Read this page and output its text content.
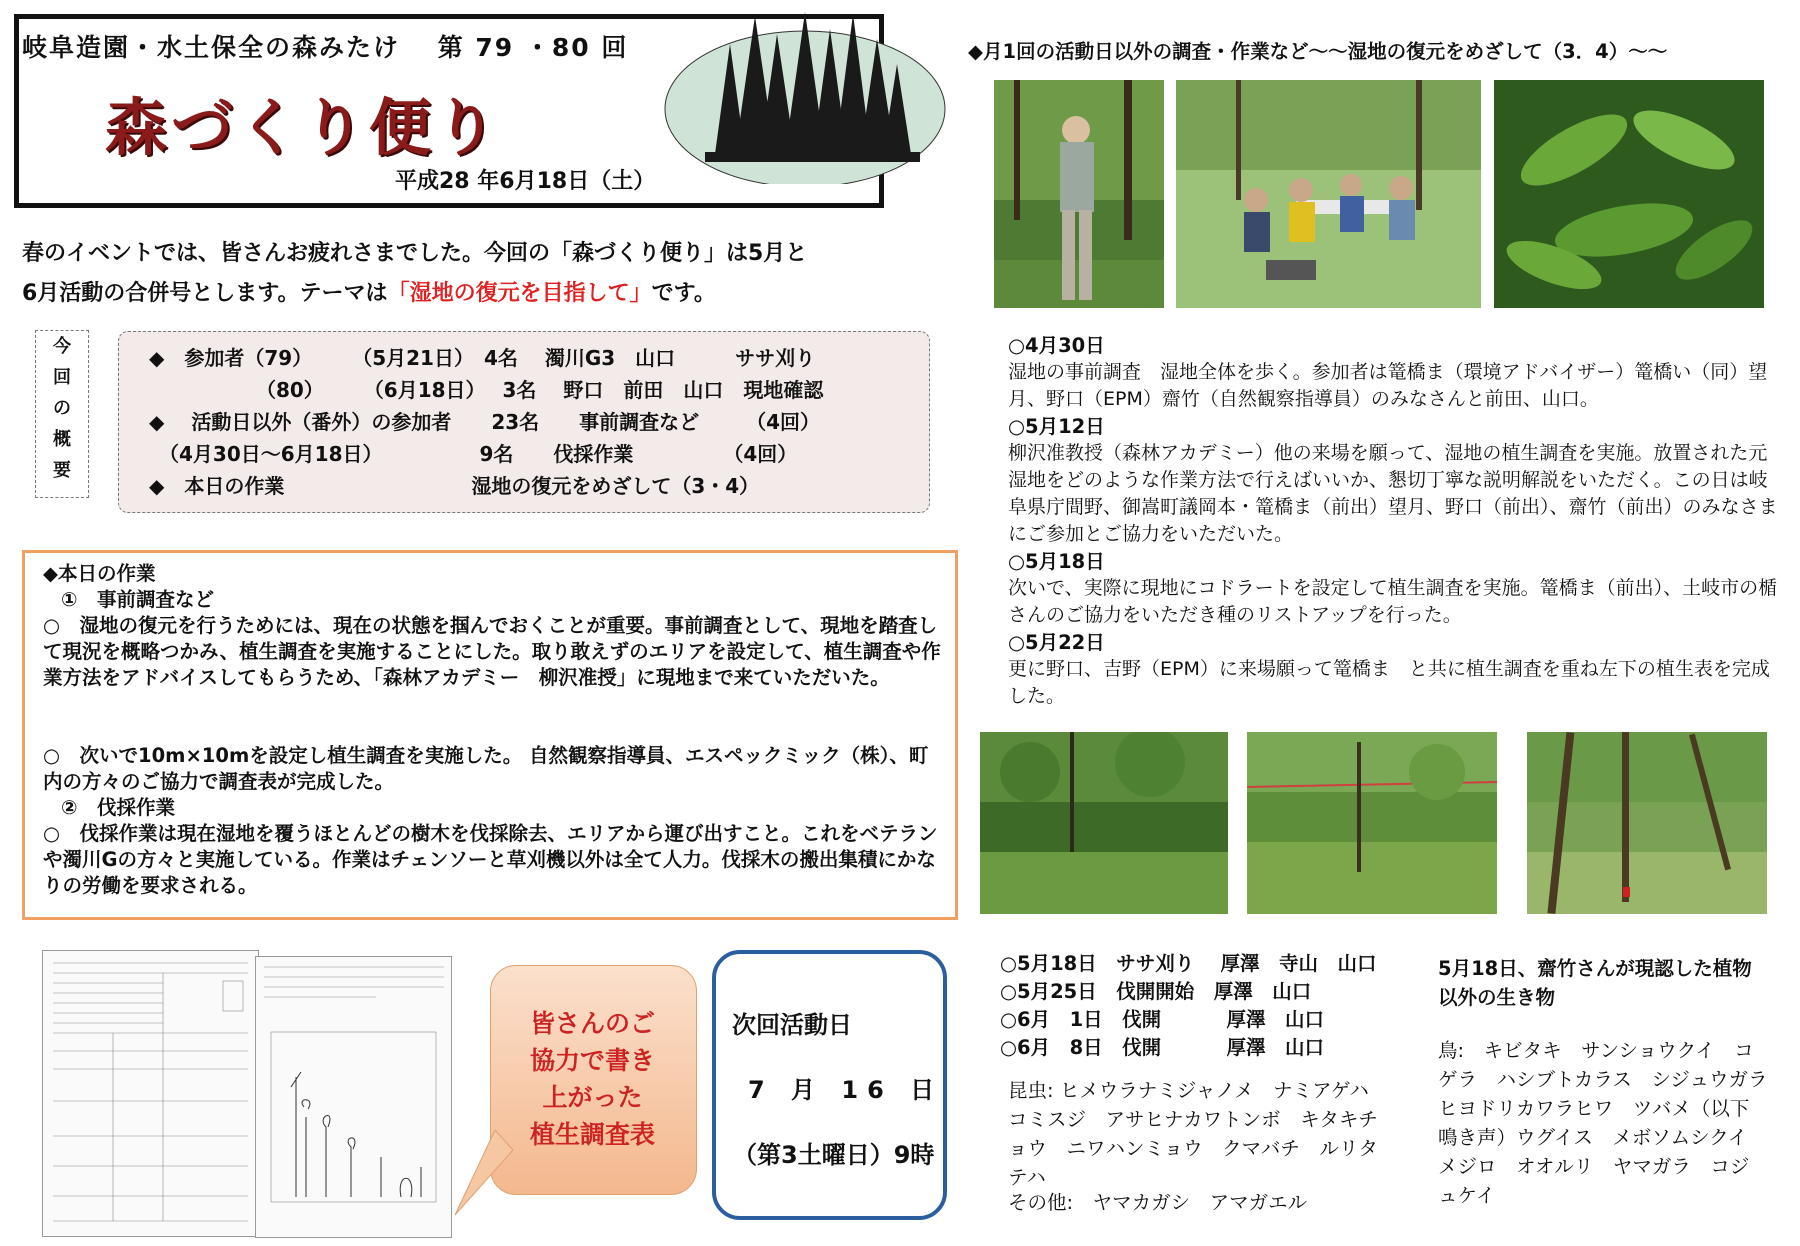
岐阜造園・水土保全の森みたけ　 第 79 ・80 回
森づくり便り
平成28 年6月18日（土）
春のイベントでは、皆さんお疲れさまでした。今回の「森づくり便り」は5月と
6月活動の合併号とします。テーマは「湿地の復元を目指して」です。
今
回
の
概
要
◆　参加者（79）　　　（5月21日）　4名　 濁川G3　山口　　　ササ刈り
　　　　　 （80）　　　（6月18日）　 3名　 野口　前田　山口　現地確認
◆　 活動日以外（番外）の参加者　　23名　　事前調査など　　 （4回）
　（4月30日～6月18日）　　　　　 9名　　伐採作業　　　　　（4回）
◆　本日の作業　　　　　　　　　 湿地の復元をめざして（3・4）
◆本日の作業
①　事前調査など
○　湿地の復元を行うためには、現在の状態を掴んでおくことが重要。事前調査として、現地を踏査して現況を概略つかみ、植生調査を実施することにした。取り敢えずのエリアを設定して、植生調査や作業方法をアドバイスしてもらうため、「森林アカデミー　柳沢准授」に現地まで来ていただいた。
○　次いで10m×10mを設定し植生調査を実施した。 自然観察指導員、エスペックミック（株）、町内の方々のご協力で調査表が完成した。
②　伐採作業
○　伐採作業は現在湿地を覆うほとんどの樹木を伐採除去、エリアから運び出すこと。これをベテランや濁川Gの方々と実施している。作業はチェンソーと草刈機以外は全て人力。伐採木の搬出集積にかなりの労働を要求される。
皆さんのご
協力で書き
上がった
植生調査表
次回活動日
7 月 16 日
（第3土曜日）9時
◆月1回の活動日以外の調査・作業など～～湿地の復元をめざして（3．4）～～
○4月30日
湿地の事前調査　湿地全体を歩く。参加者は篭橋ま（環境アドバイザー）篭橋い（同）望月、野口（EPM）齋竹（自然観察指導員）のみなさんと前田、山口。
○5月12日
柳沢准教授（森林アカデミー）他の来場を願って、湿地の植生調査を実施。放置された元湿地をどのような作業方法で行えばいいか、懇切丁寧な説明解説をいただく。この日は岐阜県庁間野、御嵩町議岡本・篭橋ま（前出）望月、野口（前出）、齋竹（前出）のみなさまにご参加とご協力をいただいた。
○5月18日
次いで、実際に現地にコドラートを設定して植生調査を実施。篭橋ま（前出）、土岐市の楯さんのご協力をいただき種のリストアップを行った。
○5月22日
更に野口、吉野（EPM）に来場願って篭橋ま　と共に植生調査を重ね左下の植生表を完成した。
○5月18日　ササ刈り　 厚澤　寺山　山口
○5月25日　伐開開始　厚澤　山口
○6月　1日　伐開　　　 厚澤　山口
○6月　8日　伐開　　　 厚澤　山口
昆虫: ヒメウラナミジャノメ　ナミアゲハ　コミスジ　アサヒナカワトンボ　キタキチョウ　ニワハンミョウ　クマバチ　ルリタテハ
その他:　ヤマカガシ　アマガエル
5月18日、齋竹さんが現認した植物以外の生き物
鳥:　キビタキ　サンショウクイ　コゲラ　ハシブトカラス　シジュウガラ　ヒヨドリカワラヒワ　ツバメ（以下鳴き声）ウグイス　メボソムシクイ　メジロ　オオルリ　ヤマガラ　コジュケイ
